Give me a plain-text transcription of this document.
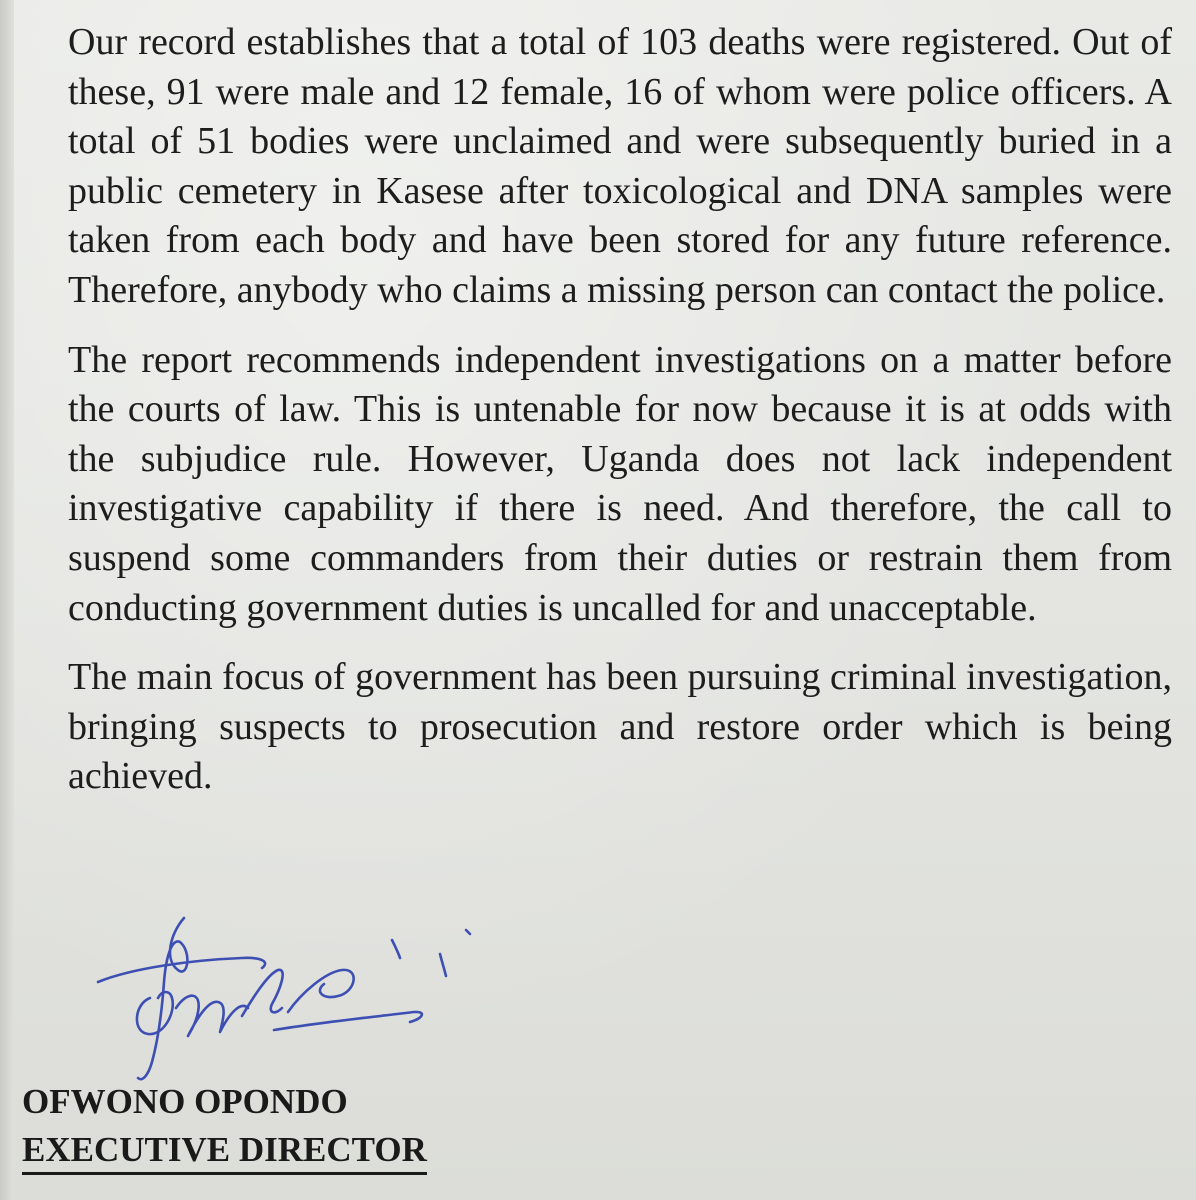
Our record establishes that a total of 103 deaths were registered. Out of these, 91 were male and 12 female, 16 of whom were police officers. A total of 51 bodies were unclaimed and were subsequently buried in a public cemetery in Kasese after toxicological and DNA samples were taken from each body and have been stored for any future reference. Therefore, anybody who claims a missing person can contact the police.

The report recommends independent investigations on a matter before the courts of law. This is untenable for now because it is at odds with the subjudice rule. However, Uganda does not lack independent investigative capability if there is need. And therefore, the call to suspend some commanders from their duties or restrain them from conducting government duties is uncalled for and unacceptable.

The main focus of government has been pursuing criminal investigation, bringing suspects to prosecution and restore order which is being achieved.

OFWONO OPONDO
EXECUTIVE DIRECTOR
